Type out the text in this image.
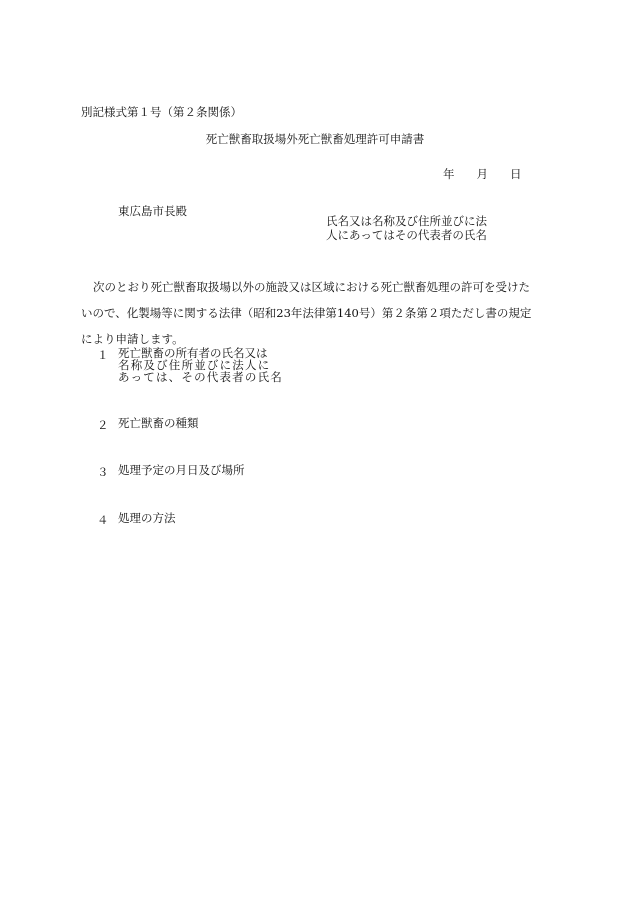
別記様式第１号（第２条関係）
死亡獣畜取扱場外死亡獣畜処理許可申請書
年 月 日
東広島市長殿
氏名又は名称及び住所並びに法
人にあってはその代表者の氏名
次のとおり死亡獣畜取扱場以外の施設又は区域における死亡獣畜処理の許可を受けた
いので、化製場等に関する法律（昭和23年法律第140号）第２条第２項ただし書の規定
により申請します。
１ 死亡獣畜の所有者の氏名又は
名称及び住所並びに法人に
あっては、その代表者の氏名
２ 死亡獣畜の種類
３ 処理予定の月日及び場所
４ 処理の方法
